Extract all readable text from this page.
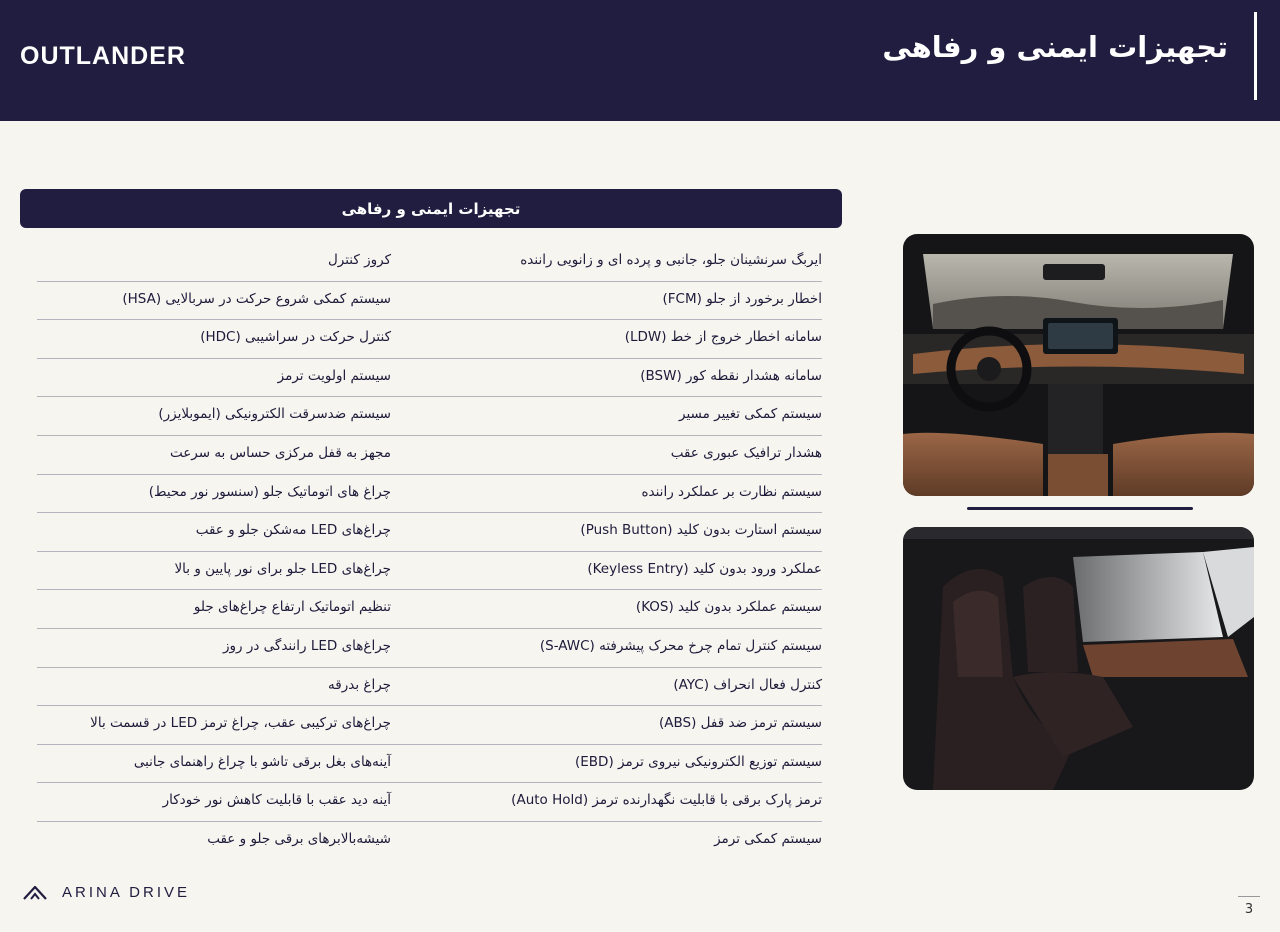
OUTLANDER	تجهیزات ایمنی و رفاهی
تجهیزات ایمنی و رفاهی
ایربگ سرنشینان جلو، جانبی و پرده ای و زانویی راننده
کروز کنترل
اخطار برخورد از جلو (FCM)
سیستم کمکی شروع حرکت در سربالایی (HSA)
سامانه اخطار خروج از خط (LDW)
کنترل حرکت در سراشیبی (HDC)
سامانه هشدار نقطه کور (BSW)
سیستم اولویت ترمز
سیستم کمکی تغییر مسیر
سیستم ضدسرقت الکترونیکی (ایموبلایزر)
هشدار ترافیک عبوری عقب
مجهز به قفل مرکزی حساس به سرعت
سیستم نظارت بر عملکرد راننده
چراغ های اتوماتیک جلو (سنسور نور محیط)
سیستم استارت بدون کلید (Push Button)
چراغ‌های LED مه‌شکن جلو و عقب
عملکرد ورود بدون کلید (Keyless Entry)
چراغ‌های LED جلو برای نور پایین و بالا
سیستم عملکرد بدون کلید (KOS)
تنظیم اتوماتیک ارتفاع چراغ‌های جلو
سیستم کنترل تمام چرخ محرک پیشرفته (S-AWC)
چراغ‌های LED رانندگی در روز
کنترل فعال انحراف (AYC)
چراغ بدرقه
سیستم ترمز ضد قفل (ABS)
چراغ‌های ترکیبی عقب، چراغ ترمز LED در قسمت بالا
سیستم توزیع الکترونیکی نیروی ترمز (EBD)
آینه‌های بغل برقی تاشو با چراغ راهنمای جانبی
ترمز پارک برقی با قابلیت نگهدارنده ترمز (Auto Hold)
آینه دید عقب با قابلیت کاهش نور خودکار
سیستم کمکی ترمز
شیشه‌بالابرهای برقی جلو و عقب
ARINA DRIVE
3
